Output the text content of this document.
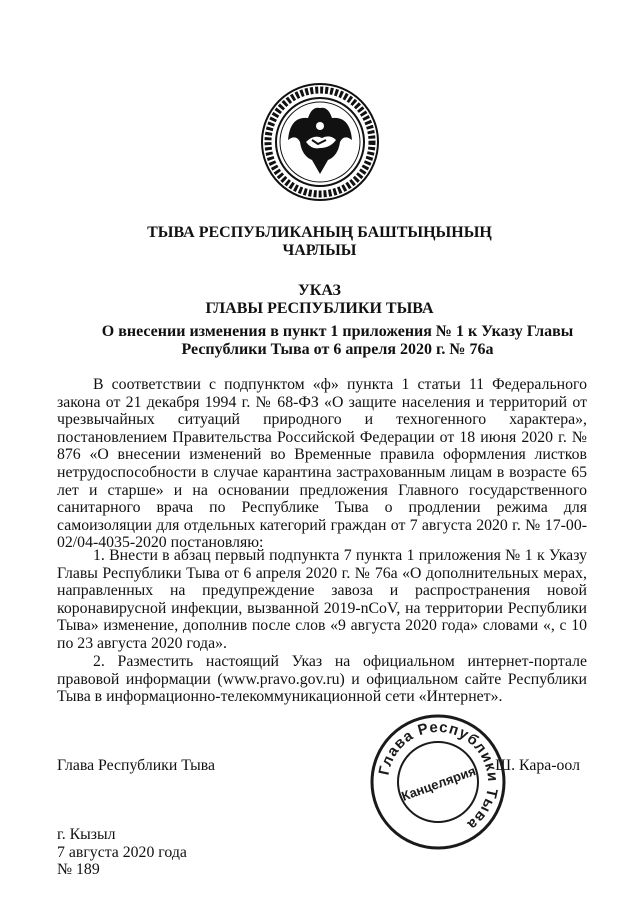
ТЫВА РЕСПУБЛИКАНЫҢ БАШТЫҢЫНЫҢ
ЧАРЛЫЫ
УКАЗ
ГЛАВЫ РЕСПУБЛИКИ ТЫВА
О внесении изменения в пункт 1 приложения № 1 к Указу Главы Республики Тыва от 6 апреля 2020 г. № 76а
В соответствии с подпунктом «ф» пункта 1 статьи 11 Федерального закона от 21 декабря 1994 г. № 68-ФЗ «О защите населения и территорий от чрезвычайных ситуаций природного и техногенного характера», постановлением Правительства Российской Федерации от 18 июня 2020 г. № 876 «О внесении изменений во Временные правила оформления листков нетрудоспособности в случае карантина застрахованным лицам в возрасте 65 лет и старше» и на основании предложения Главного государственного санитарного врача по Республике Тыва о продлении режима для самоизоляции для отдельных категорий граждан от 7 августа 2020 г. № 17-00-02/04-4035-2020 постановляю:
1. Внести в абзац первый подпункта 7 пункта 1 приложения № 1 к Указу Главы Республики Тыва от 6 апреля 2020 г. № 76а «О дополнительных мерах, направленных на предупреждение завоза и распространения новой коронавирусной инфекции, вызванной 2019-nCoV, на территории Республики Тыва» изменение, дополнив после слов «9 августа 2020 года» словами «, с 10 по 23 августа 2020 года».
2. Разместить настоящий Указ на официальном интернет-портале правовой информации (www.pravo.gov.ru) и официальном сайте Республики Тыва в информационно-телекоммуникационной сети «Интернет».
Глава Республики Тыва	Ш. Кара-оол
Глава Республики Тыва
Канцелярия
г. Кызыл
7 августа 2020 года
№ 189
